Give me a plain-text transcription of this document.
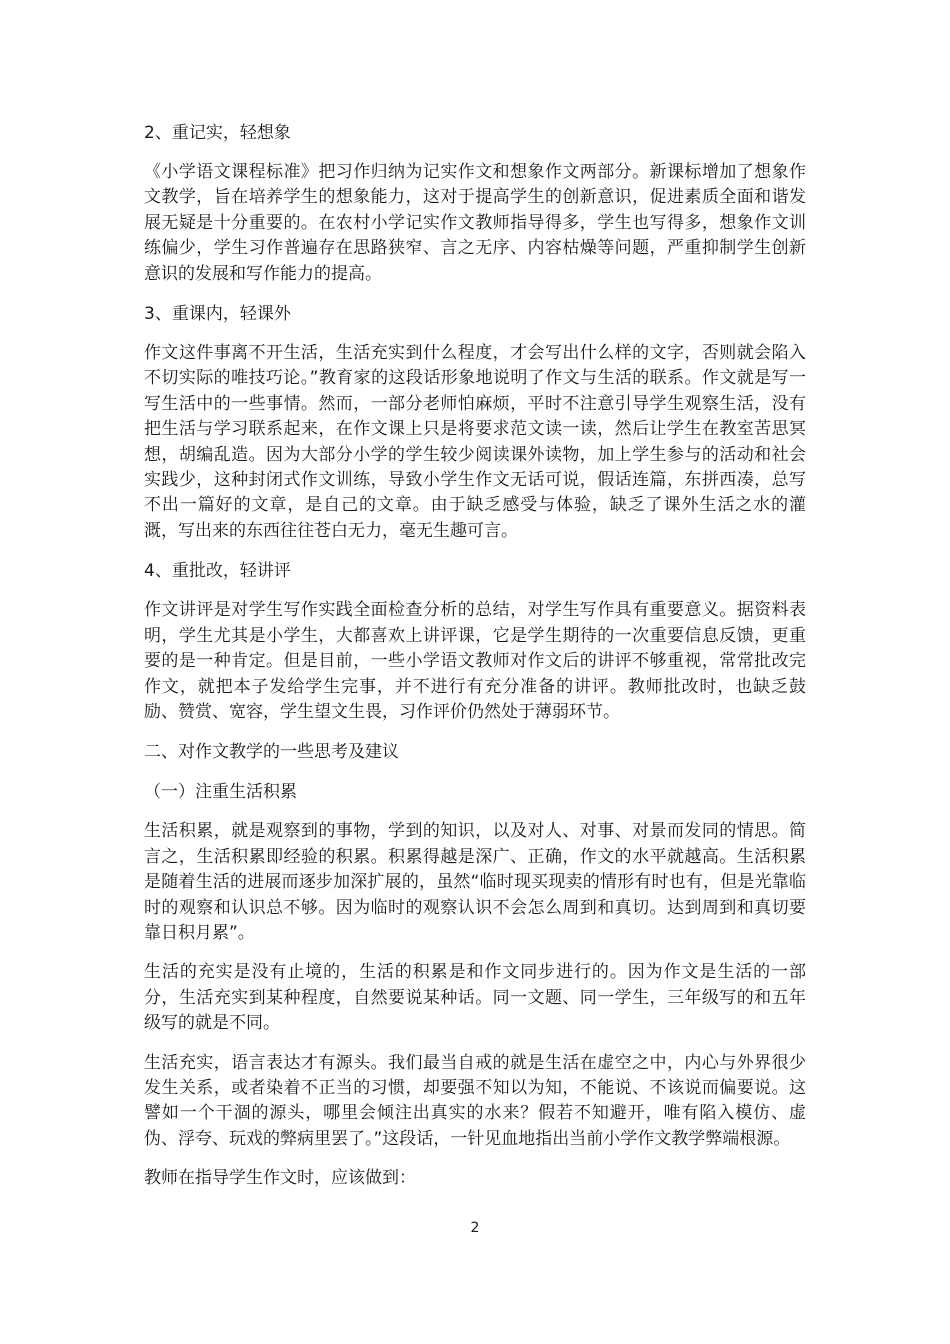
2、重记实，轻想象
《小学语文课程标准》把习作归纳为记实作文和想象作文两部分。新课标增加了想象作文教学，旨在培养学生的想象能力，这对于提高学生的创新意识，促进素质全面和谐发展无疑是十分重要的。在农村小学记实作文教师指导得多，学生也写得多，想象作文训练偏少，学生习作普遍存在思路狭窄、言之无序、内容枯燥等问题，严重抑制学生创新意识的发展和写作能力的提高。
3、重课内，轻课外
作文这件事离不开生活，生活充实到什么程度，才会写出什么样的文字，否则就会陷入不切实际的唯技巧论。”教育家的这段话形象地说明了作文与生活的联系。作文就是写一写生活中的一些事情。然而，一部分老师怕麻烦，平时不注意引导学生观察生活，没有把生活与学习联系起来，在作文课上只是将要求范文读一读，然后让学生在教室苦思冥想，胡编乱造。因为大部分小学的学生较少阅读课外读物，加上学生参与的活动和社会实践少，这种封闭式作文训练，导致小学生作文无话可说，假话连篇，东拼西凑，总写不出一篇好的文章，是自己的文章。由于缺乏感受与体验，缺乏了课外生活之水的灌溉，写出来的东西往往苍白无力，毫无生趣可言。
4、重批改，轻讲评
作文讲评是对学生写作实践全面检查分析的总结，对学生写作具有重要意义。据资料表明，学生尤其是小学生，大都喜欢上讲评课，它是学生期待的一次重要信息反馈，更重要的是一种肯定。但是目前，一些小学语文教师对作文后的讲评不够重视，常常批改完作文，就把本子发给学生完事，并不进行有充分准备的讲评。教师批改时，也缺乏鼓励、赞赏、宽容，学生望文生畏，习作评价仍然处于薄弱环节。
二、对作文教学的一些思考及建议
（一）注重生活积累
生活积累，就是观察到的事物，学到的知识，以及对人、对事、对景而发同的情思。简言之，生活积累即经验的积累。积累得越是深广、正确，作文的水平就越高。生活积累是随着生活的进展而逐步加深扩展的，虽然“临时现买现卖的情形有时也有，但是光靠临时的观察和认识总不够。因为临时的观察认识不会怎么周到和真切。达到周到和真切要靠日积月累”。
生活的充实是没有止境的，生活的积累是和作文同步进行的。因为作文是生活的一部分，生活充实到某种程度，自然要说某种话。同一文题、同一学生，三年级写的和五年级写的就是不同。
生活充实，语言表达才有源头。我们最当自戒的就是生活在虚空之中，内心与外界很少发生关系，或者染着不正当的习惯，却要强不知以为知，不能说、不该说而偏要说。这譬如一个干涸的源头，哪里会倾注出真实的水来？假若不知避开，唯有陷入模仿、虚伪、浮夸、玩戏的弊病里罢了。”这段话，一针见血地指出当前小学作文教学弊端根源。
教师在指导学生作文时，应该做到：
2
